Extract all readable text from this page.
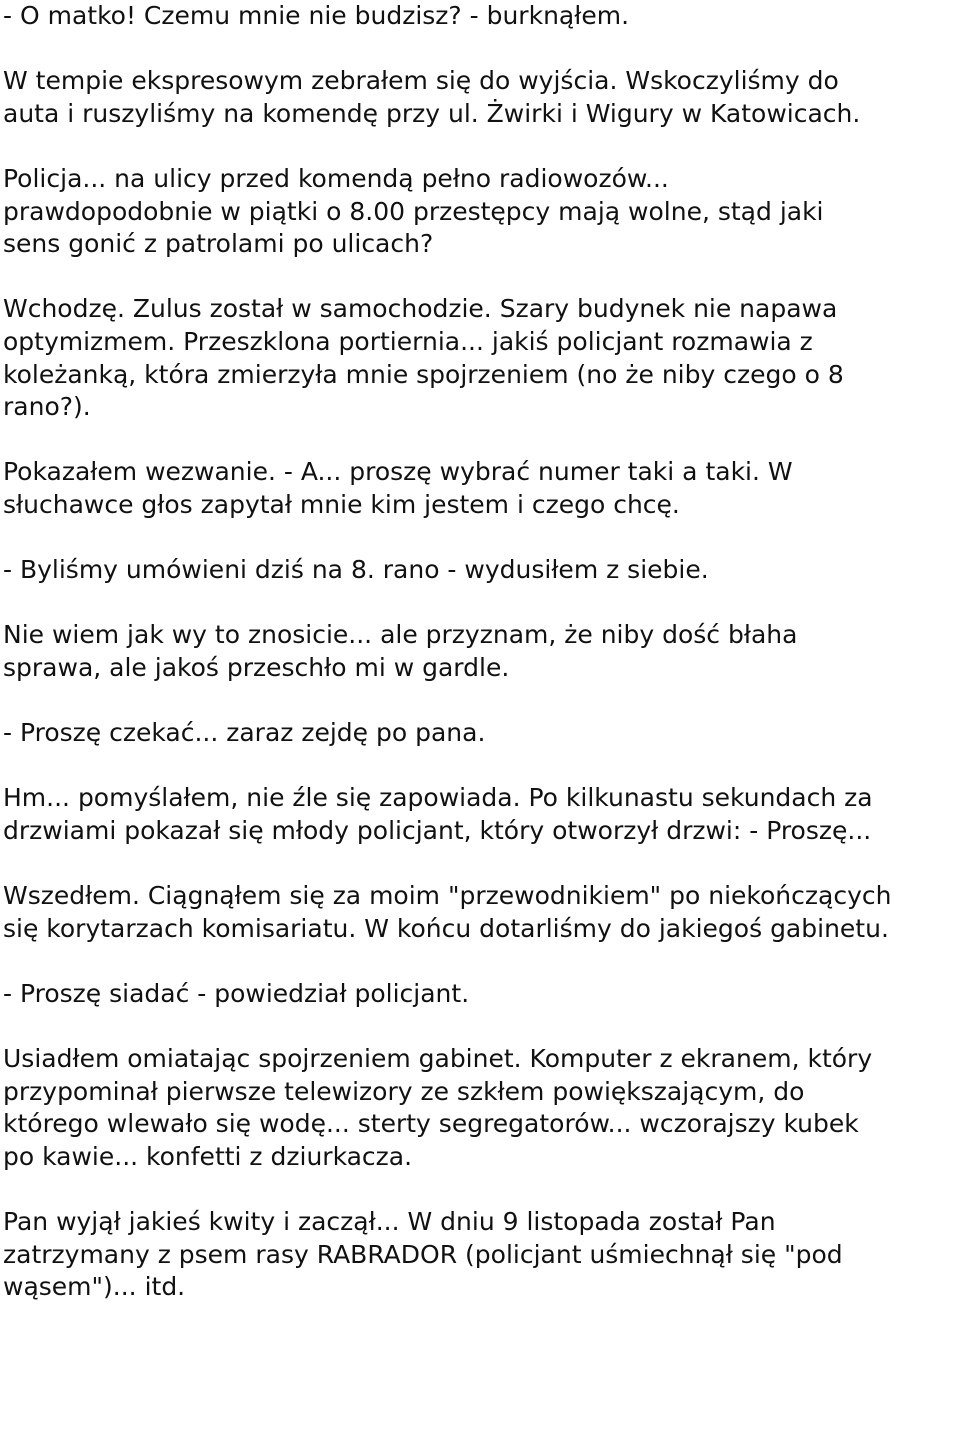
- O matko! Czemu mnie nie budzisz? - burknąłem.

W tempie ekspresowym zebrałem się do wyjścia. Wskoczyliśmy do
auta i ruszyliśmy na komendę przy ul. Żwirki i Wigury w Katowicach.

Policja... na ulicy przed komendą pełno radiowozów...
prawdopodobnie w piątki o 8.00 przestępcy mają wolne, stąd jaki
sens gonić z patrolami po ulicach?

Wchodzę. Zulus został w samochodzie. Szary budynek nie napawa
optymizmem. Przeszklona portiernia... jakiś policjant rozmawia z
koleżanką, która zmierzyła mnie spojrzeniem (no że niby czego o 8
rano?).

Pokazałem wezwanie. - A... proszę wybrać numer taki a taki. W
słuchawce głos zapytał mnie kim jestem i czego chcę.

- Byliśmy umówieni dziś na 8. rano - wydusiłem z siebie.

Nie wiem jak wy to znosicie... ale przyznam, że niby dość błaha
sprawa, ale jakoś przeschło mi w gardle.

- Proszę czekać... zaraz zejdę po pana.

Hm... pomyślałem, nie źle się zapowiada. Po kilkunastu sekundach za
drzwiami pokazał się młody policjant, który otworzył drzwi: - Proszę...

Wszedłem. Ciągnąłem się za moim "przewodnikiem" po niekończących
się korytarzach komisariatu. W końcu dotarliśmy do jakiegoś gabinetu.

- Proszę siadać - powiedział policjant.

Usiadłem omiatając spojrzeniem gabinet. Komputer z ekranem, który
przypominał pierwsze telewizory ze szkłem powiększającym, do
którego wlewało się wodę... sterty segregatorów... wczorajszy kubek
po kawie... konfetti z dziurkacza.

Pan wyjął jakieś kwity i zaczął... W dniu 9 listopada został Pan
zatrzymany z psem rasy RABRADOR (policjant uśmiechnął się "pod
wąsem")... itd.
